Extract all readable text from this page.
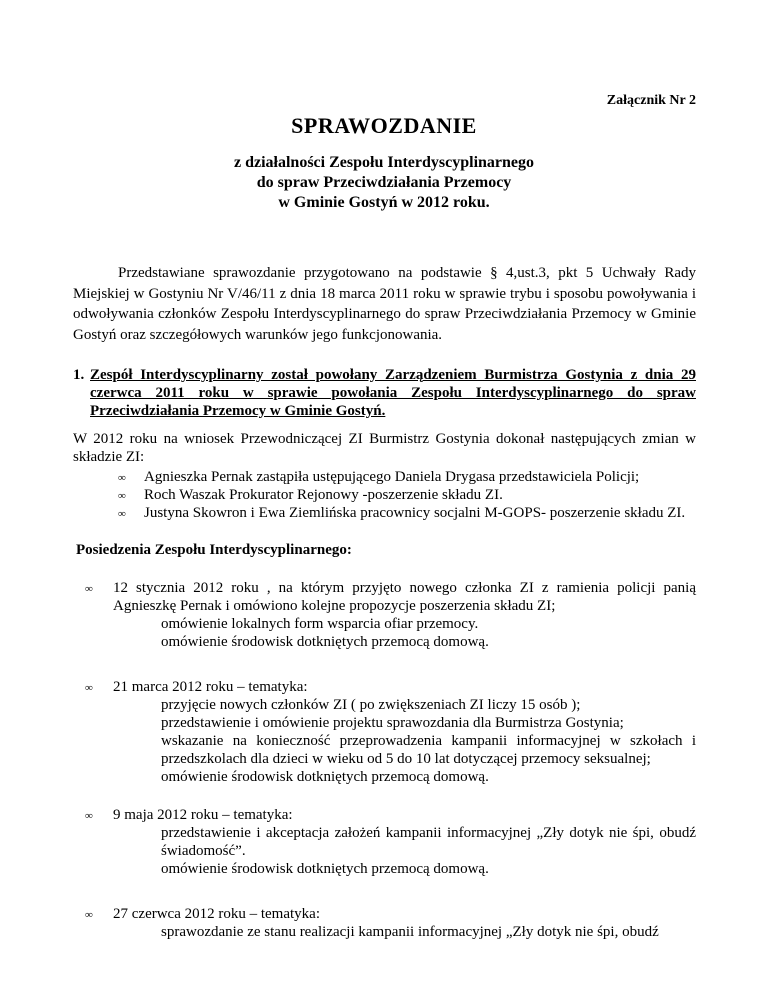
Załącznik Nr 2
SPRAWOZDANIE
z działalności Zespołu Interdyscyplinarnego
do spraw Przeciwdziałania Przemocy
w Gminie Gostyń w 2012 roku.
Przedstawiane sprawozdanie przygotowano na podstawie § 4,ust.3, pkt 5 Uchwały Rady Miejskiej w Gostyniu Nr V/46/11 z dnia 18 marca 2011 roku w sprawie trybu i sposobu powoływania i odwoływania członków Zespołu Interdyscyplinarnego do spraw Przeciwdziałania Przemocy w Gminie Gostyń oraz szczegółowych warunków jego funkcjonowania.
1. Zespół Interdyscyplinarny został powołany Zarządzeniem Burmistrza Gostynia z dnia 29 czerwca 2011 roku w sprawie powołania Zespołu Interdyscyplinarnego do spraw Przeciwdziałania Przemocy w Gminie Gostyń.
W 2012 roku na wniosek Przewodniczącej ZI Burmistrz Gostynia dokonał następujących zmian w składzie ZI:
∞ Agnieszka Pernak zastąpiła ustępującego Daniela Drygasa przedstawiciela Policji;
∞ Roch Waszak Prokurator Rejonowy -poszerzenie składu ZI.
∞ Justyna Skowron i Ewa Ziemlińska pracownicy socjalni M-GOPS- poszerzenie składu ZI.
Posiedzenia Zespołu Interdyscyplinarnego:
∞	12 stycznia 2012 roku , na którym przyjęto nowego członka ZI z ramienia policji panią Agnieszkę Pernak i omówiono kolejne propozycje poszerzenia składu ZI;
omówienie lokalnych form wsparcia ofiar przemocy.
omówienie środowisk dotkniętych przemocą domową.
∞	21 marca 2012 roku – tematyka:
przyjęcie nowych członków ZI ( po zwiększeniach ZI liczy 15 osób );
przedstawienie i omówienie projektu sprawozdania dla Burmistrza Gostynia;
wskazanie na konieczność przeprowadzenia kampanii informacyjnej w szkołach i przedszkolach dla dzieci w wieku od 5 do 10 lat dotyczącej przemocy seksualnej;
omówienie środowisk dotkniętych przemocą domową.
∞	9 maja 2012 roku – tematyka:
przedstawienie i akceptacja założeń kampanii informacyjnej „Zły dotyk nie śpi, obudź świadomość”.
omówienie środowisk dotkniętych przemocą domową.
∞	27 czerwca 2012 roku – tematyka:
sprawozdanie ze stanu realizacji kampanii informacyjnej „Zły dotyk nie śpi, obudź
